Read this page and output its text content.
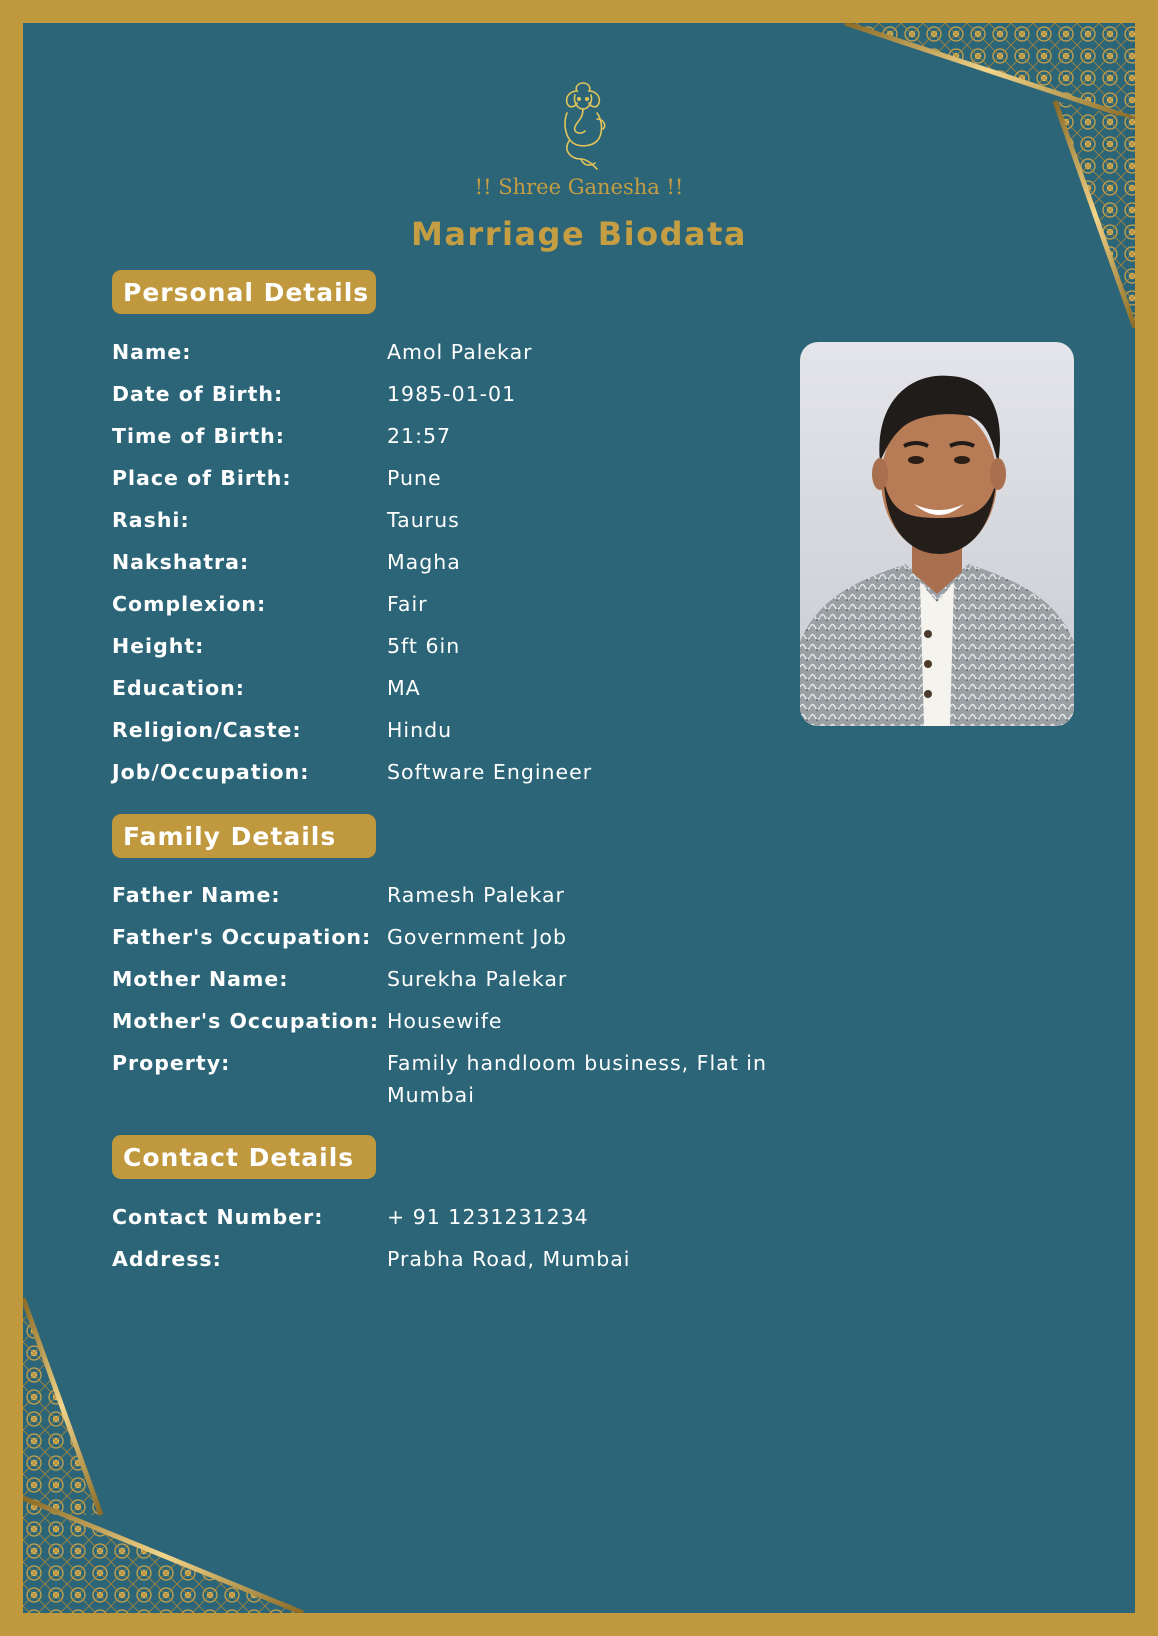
!! Shree Ganesha !!
Marriage Biodata
Personal Details
Name:	Amol Palekar
Date of Birth:	1985-01-01
Time of Birth:	21:57
Place of Birth:	Pune
Rashi:	Taurus
Nakshatra:	Magha
Complexion:	Fair
Height:	5ft 6in
Education:	MA
Religion/Caste:	Hindu
Job/Occupation:	Software Engineer
Family Details
Father Name:	Ramesh Palekar
Father's Occupation: Government Job
Mother Name:	Surekha Palekar
Mother's Occupation: Housewife
Property:	Family handloom business, Flat in Mumbai
Contact Details
Contact Number:	+ 91 1231231234
Address:	Prabha Road, Mumbai
